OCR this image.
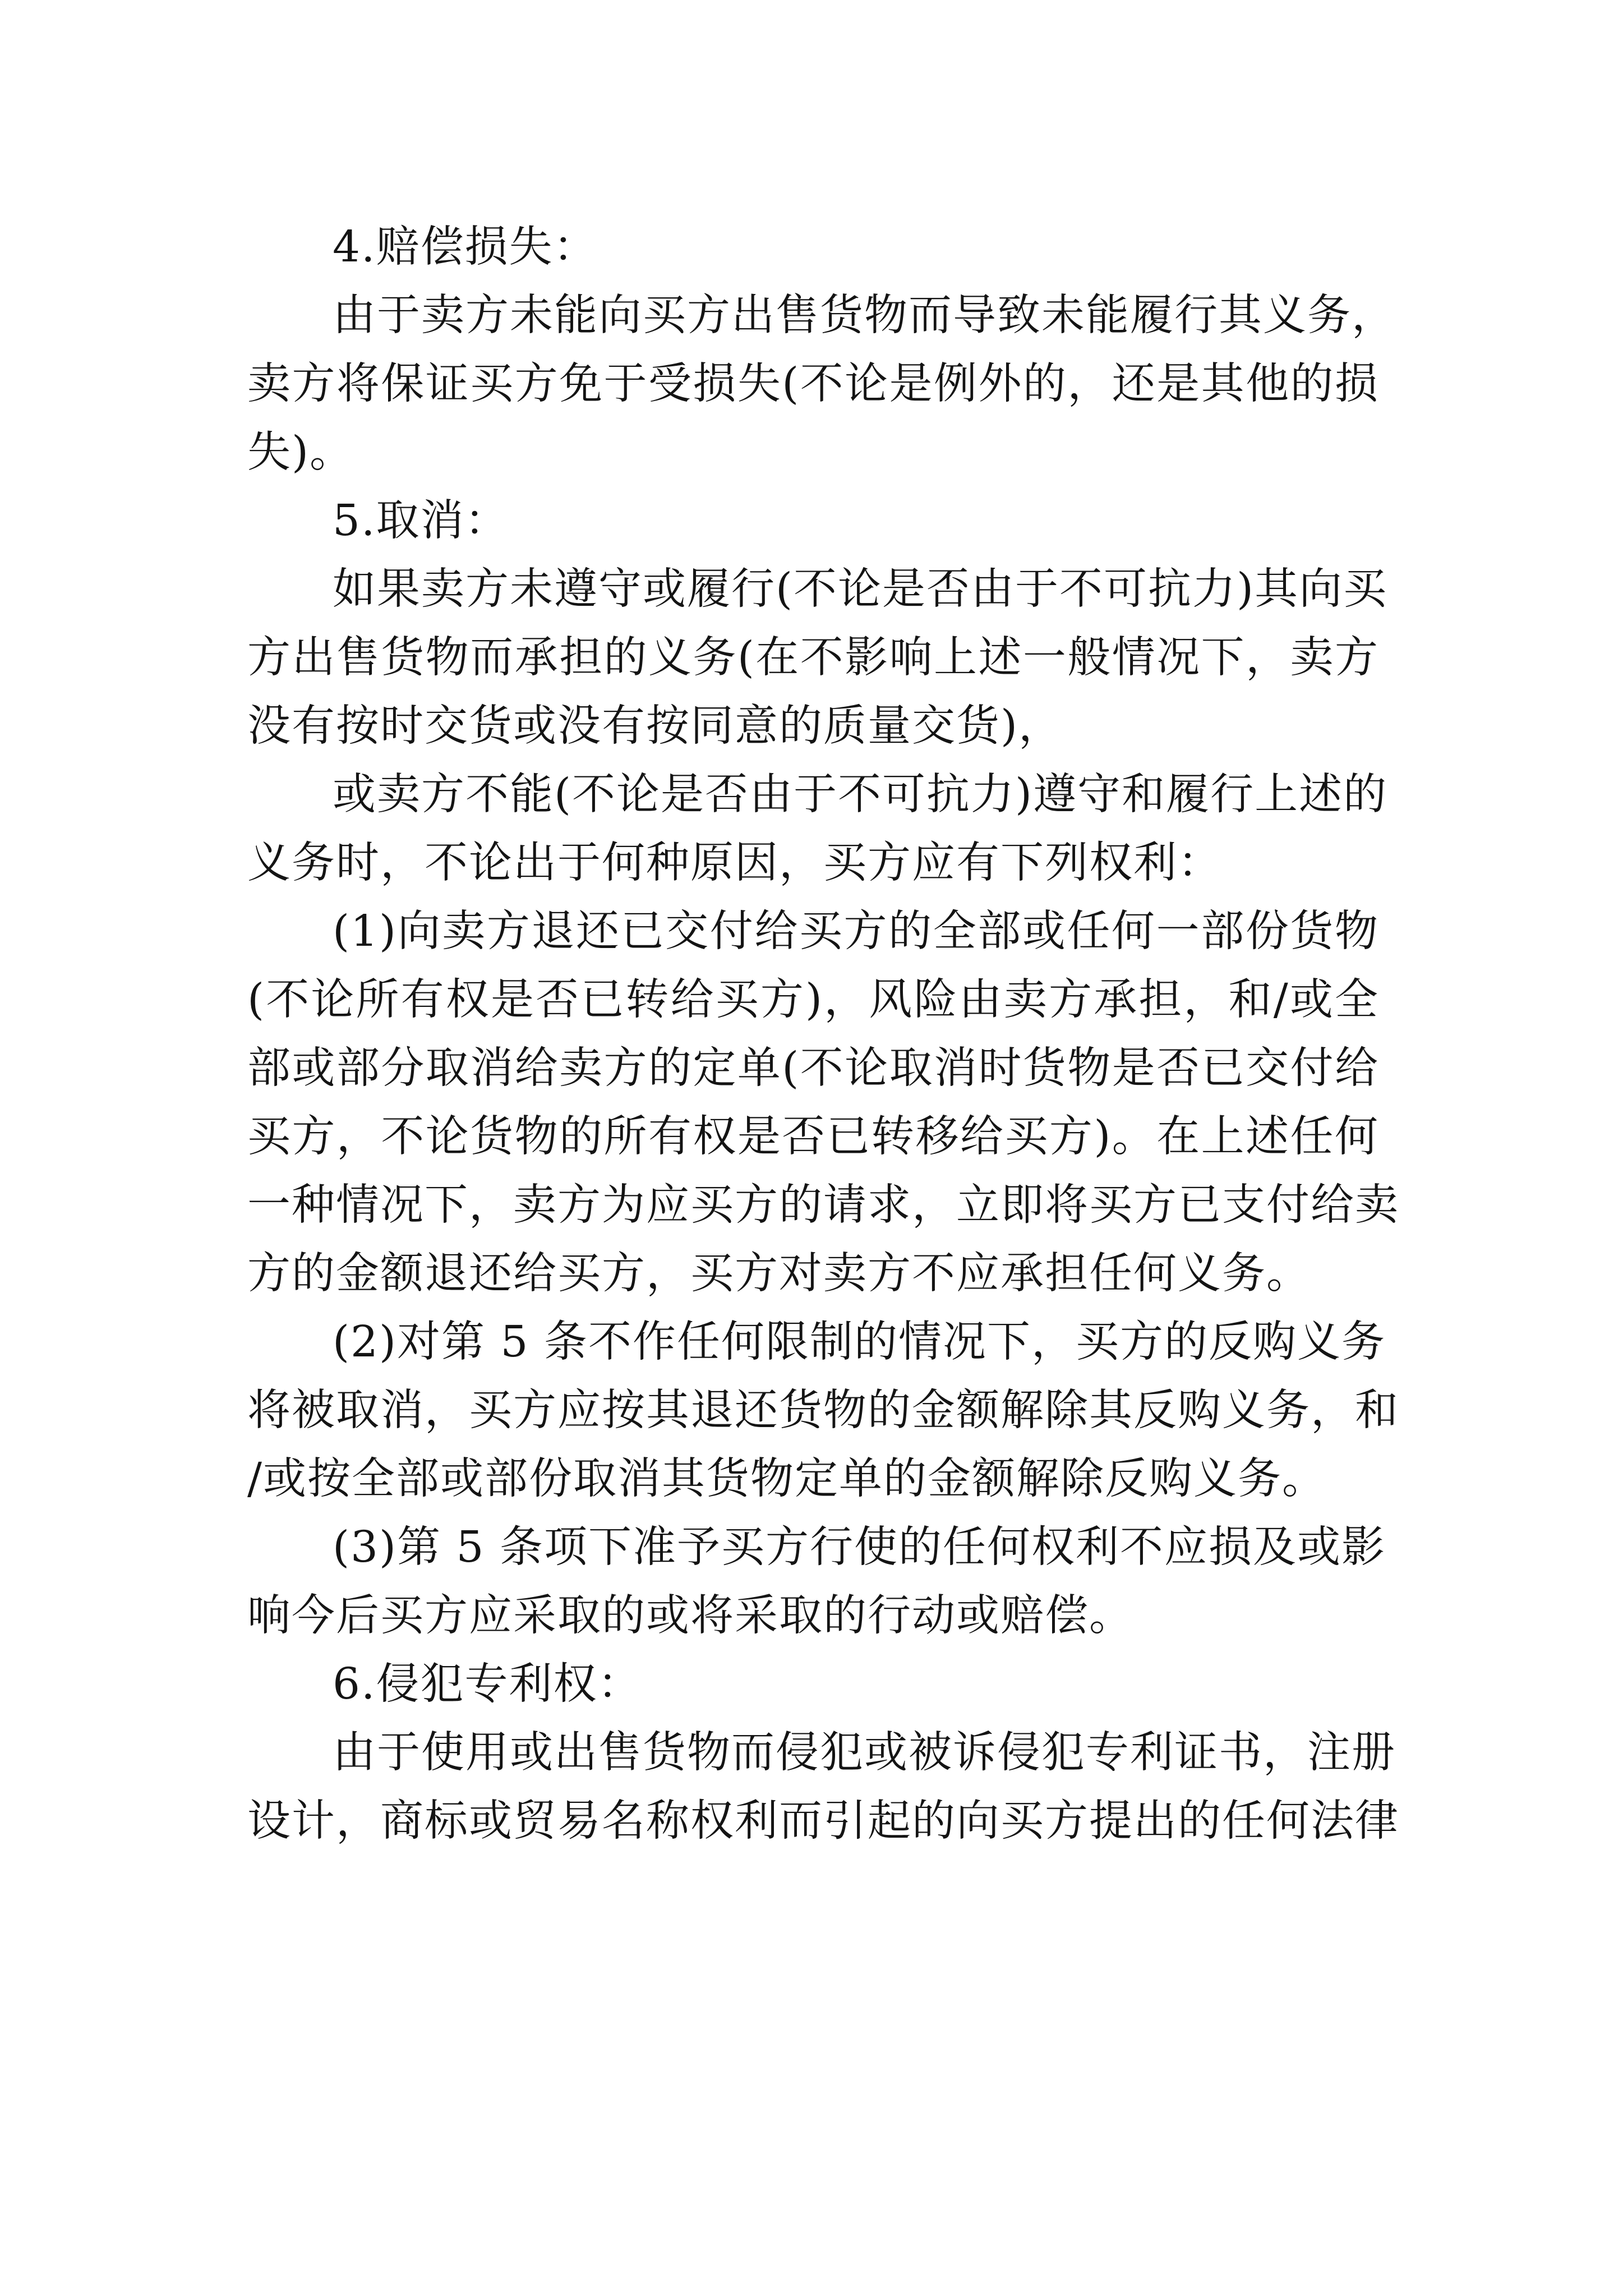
4.赔偿损失：

由于卖方未能向买方出售货物而导致未能履行其义务，

卖方将保证买方免于受损失(不论是例外的，还是其他的损

失)。

5.取消：

如果卖方未遵守或履行(不论是否由于不可抗力)其向买

方出售货物而承担的义务(在不影响上述一般情况下，卖方

没有按时交货或没有按同意的质量交货)，

或卖方不能(不论是否由于不可抗力)遵守和履行上述的

义务时，不论出于何种原因，买方应有下列权利：

(1)向卖方退还已交付给买方的全部或任何一部份货物

(不论所有权是否已转给买方)，风险由卖方承担，和/或全

部或部分取消给卖方的定单(不论取消时货物是否已交付给

买方，不论货物的所有权是否已转移给买方)。在上述任何

一种情况下，卖方为应买方的请求，立即将买方已支付给卖

方的金额退还给买方，买方对卖方不应承担任何义务。

(2)对第 5 条不作任何限制的情况下，买方的反购义务

将被取消，买方应按其退还货物的金额解除其反购义务，和

/或按全部或部份取消其货物定单的金额解除反购义务。

(3)第 5 条项下准予买方行使的任何权利不应损及或影

响今后买方应采取的或将采取的行动或赔偿。

6.侵犯专利权：

由于使用或出售货物而侵犯或被诉侵犯专利证书，注册

设计，商标或贸易名称权利而引起的向买方提出的任何法律
